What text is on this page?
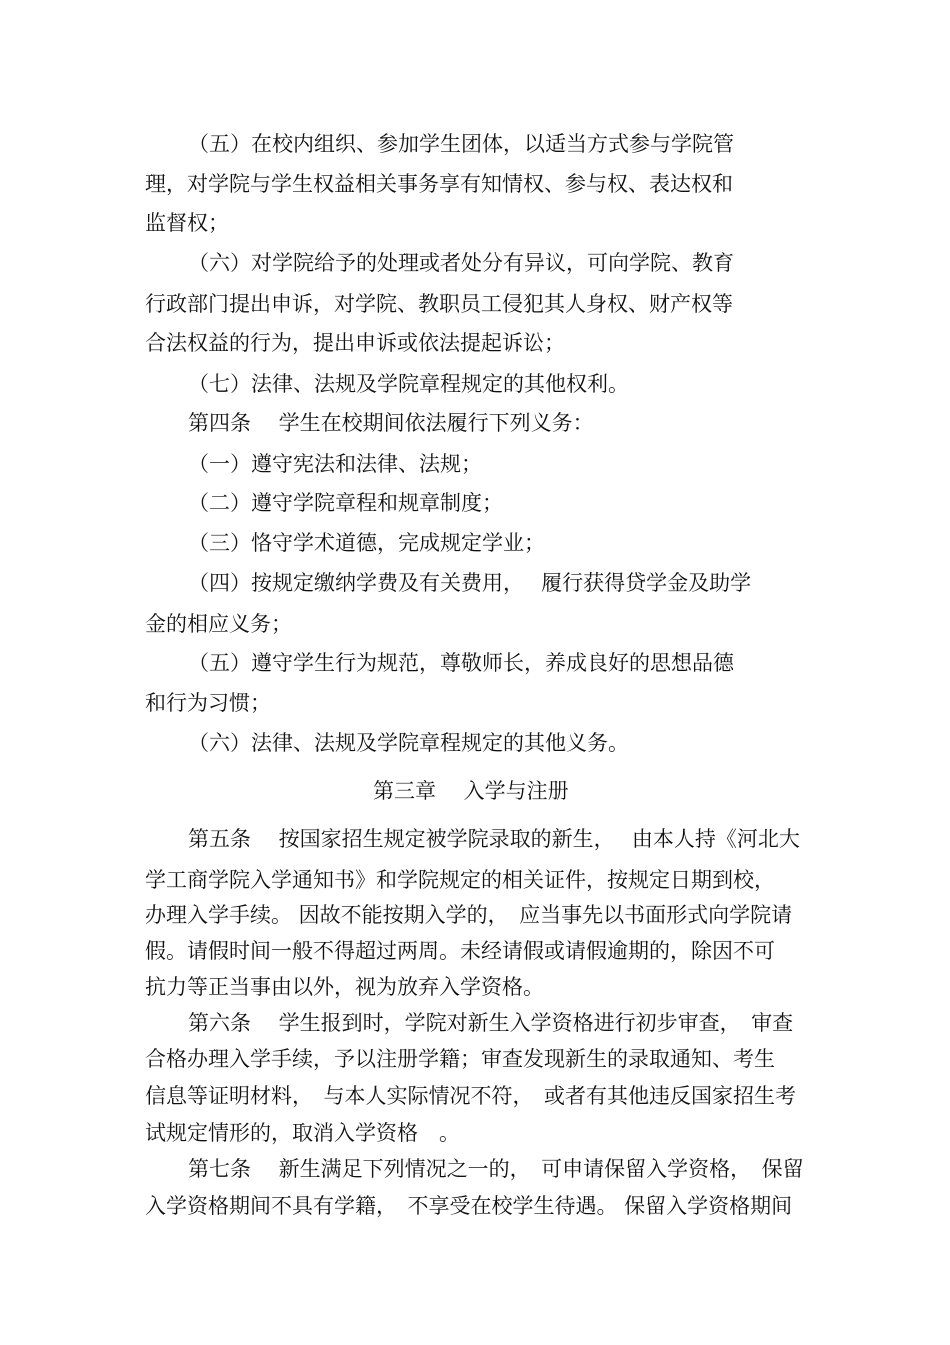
（五）在校内组织、参加学生团体，以适当方式参与学院管
理，对学院与学生权益相关事务享有知情权、参与权、表达权和
监督权；
（六）对学院给予的处理或者处分有异议，可向学院、教育
行政部门提出申诉，对学院、教职员工侵犯其人身权、财产权等
合法权益的行为，提出申诉或依法提起诉讼；
（七）法律、法规及学院章程规定的其他权利。
第四条　 学生在校期间依法履行下列义务：
（一）遵守宪法和法律、法规；
（二）遵守学院章程和规章制度；
（三）恪守学术道德，完成规定学业；
（四）按规定缴纳学费及有关费用，　 履行获得贷学金及助学
金的相应义务；
（五）遵守学生行为规范，尊敬师长，养成良好的思想品德
和行为习惯；
（六）法律、法规及学院章程规定的其他义务。
第三章　 入学与注册
第五条　 按国家招生规定被学院录取的新生，　 由本人持《河北大
学工商学院入学通知书》和学院规定的相关证件，按规定日期到校，
办理入学手续。 因故不能按期入学的，　应当事先以书面形式向学院请
假。请假时间一般不得超过两周。未经请假或请假逾期的，除因不可
抗力等正当事由以外，视为放弃入学资格。
第六条　 学生报到时，学院对新生入学资格进行初步审查，　审查
合格办理入学手续，予以注册学籍；审查发现新生的录取通知、考生
信息等证明材料，　与本人实际情况不符，　或者有其他违反国家招生考
试规定情形的，取消入学资格　。
第七条　 新生满足下列情况之一的，　可申请保留入学资格，　保留
入学资格期间不具有学籍，　不享受在校学生待遇。 保留入学资格期间
